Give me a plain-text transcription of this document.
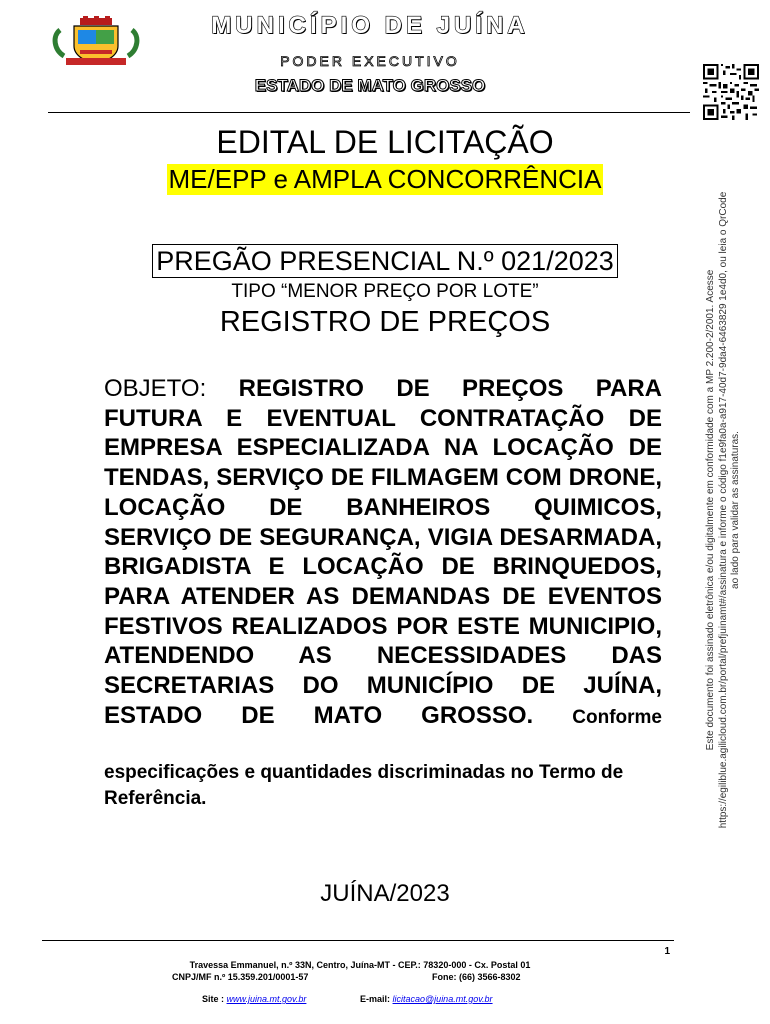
MUNICÍPIO DE JUÍNA
PODER EXECUTIVO
ESTADO DE MATO GROSSO
EDITAL DE LICITAÇÃO
ME/EPP e AMPLA CONCORRÊNCIA
PREGÃO PRESENCIAL N.º 021/2023
TIPO “MENOR PREÇO POR LOTE”
REGISTRO DE PREÇOS
OBJETO: REGISTRO DE PREÇOS PARA FUTURA E EVENTUAL CONTRATAÇÃO DE EMPRESA ESPECIALIZADA NA LOCAÇÃO DE TENDAS, SERVIÇO DE FILMAGEM COM DRONE, LOCAÇÃO DE BANHEIROS QUIMICOS, SERVIÇO DE SEGURANÇA, VIGIA DESARMADA, BRIGADISTA E LOCAÇÃO DE BRINQUEDOS, PARA ATENDER AS DEMANDAS DE EVENTOS FESTIVOS REALIZADOS POR ESTE MUNICIPIO, ATENDENDO AS NECESSIDADES DAS SECRETARIAS DO MUNICÍPIO DE JUÍNA, ESTADO DE MATO GROSSO. Conforme
especificações e quantidades discriminadas no Termo de Referência.
JUÍNA/2023
1
Travessa Emmanuel, n.º 33N, Centro, Juína-MT - CEP.: 78320-000 - Cx. Postal 01
CNPJ/MF n.º 15.359.201/0001-57	Fone: (66) 3566-8302
Site : www.juina.mt.gov.br	E-mail: licitacao@juina.mt.gov.br
Este documento foi assinado eletrônica e/ou digitalmente em conformidade com a MP 2.200-2/2001. Acesse https://egiliblue.agilicloud.com.br/portal/prefjuinamt#/assinatura e informe o código f1e9fa0a-a917-40d7-9da4-6463829 1e4d0, ou leia o QrCode ao lado para validar as assinaturas.
